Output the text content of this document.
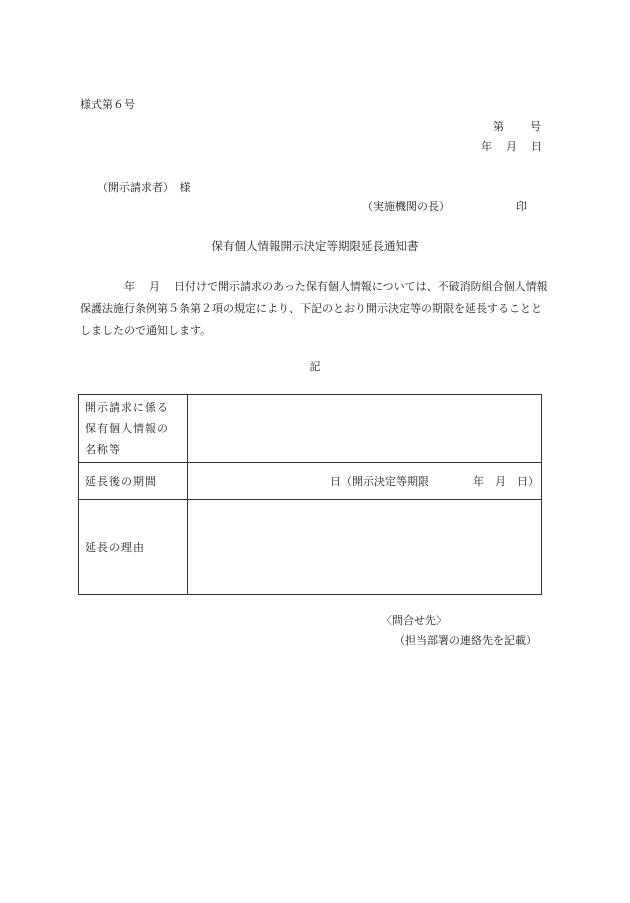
様式第６号
第 号
年 月 日
（開示請求者）　様
（実施機関の長）	印
保有個人情報開示決定等期限延長通知書
年 月 日付けで開示請求のあった保有個人情報については、不破消防組合個人情報保護法施行条例第５条第２項の規定により、下記のとおり開示決定等の期限を延長することとしましたので通知します。
記
開示請求に係る
保有個人情報の
名称等	

延長後の期間	日（開示決定等期限 年　月　日）
延長の理由	
〈問合せ先〉
（担当部署の連絡先を記載）
